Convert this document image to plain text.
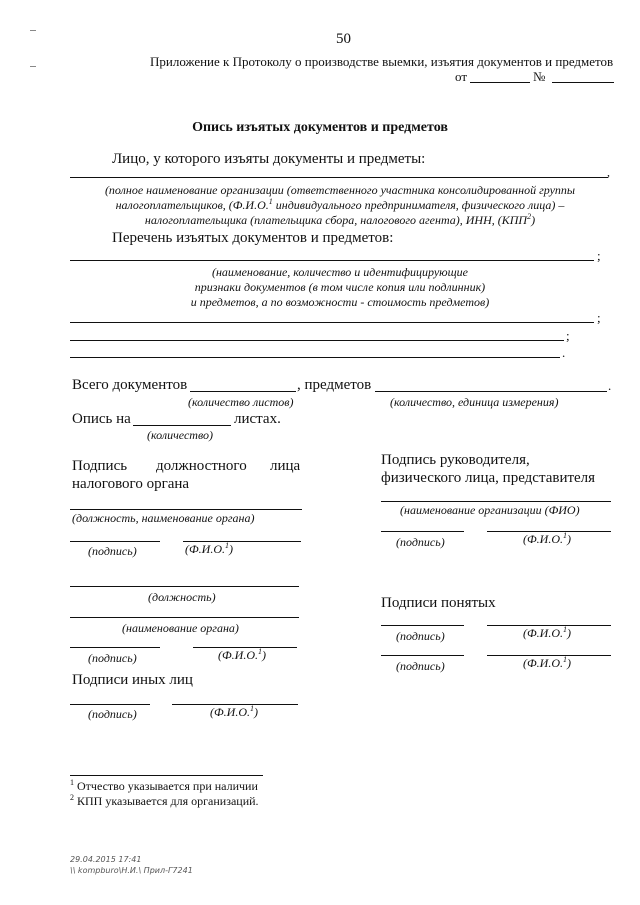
50
Приложение к Протоколу о производстве выемки, изъятия документов и предметов
от	№
Опись изъятых документов и предметов
Лицо, у которого изъяты документы и предметы:
,
(полное наименование организации (ответственного участника консолидированной группы
налогоплательщиков, (Ф.И.О.$^1$ индивидуального предпринимателя, физического лица) –
налогоплательщика (плательщика сбора, налогового агента), ИНН, (КПП$^2$)
Перечень изъятых документов и предметов:
;
(наименование, количество и идентифицирующие
признаки документов (в том числе копия или подлинник)
и предметов, а по возможности - стоимость предметов)
;
;
.
Всего документов	, предметов	.
(количество листов)	(количество, единица измерения)
Опись на	листах.
(количество)
Подпись должностного лица
налогового органа
(должность, наименование органа)
(подпись)	(Ф.И.О.$^1$)
(должность)
(наименование органа)
(подпись)	(Ф.И.О.$^1$)
Подписи иных лиц
(подпись)	(Ф.И.О.$^1$)
Подпись руководителя,
физического лица, представителя
(наименование организации (ФИО)
(подпись)	(Ф.И.О.$^1$)
Подписи понятых
(подпись)	(Ф.И.О.$^1$)
(подпись)	(Ф.И.О.$^1$)
$^1$ Отчество указывается при наличии
$^2$ КПП указывается для организаций.
29.04.2015 17:41
\\ kompburo\Н.И.\ Прил-Г7241
